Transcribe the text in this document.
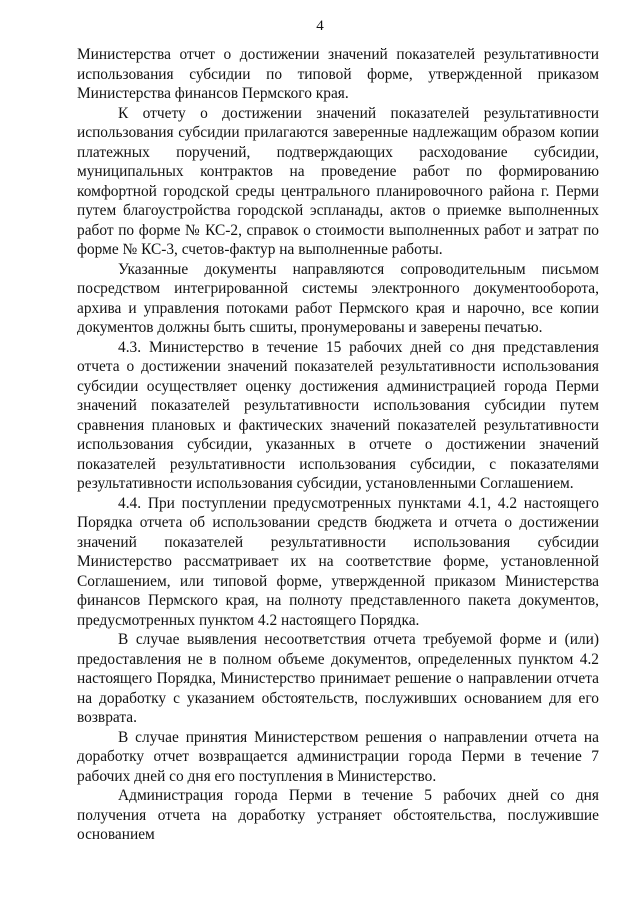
4

Министерства отчет о достижении значений показателей результативности использования субсидии по типовой форме, утвержденной приказом Министерства финансов Пермского края.

К отчету о достижении значений показателей результативности использования субсидии прилагаются заверенные надлежащим образом копии платежных поручений, подтверждающих расходование субсидии, муниципальных контрактов на проведение работ по формированию комфортной городской среды центрального планировочного района г. Перми путем благоустройства городской эспланады, актов о приемке выполненных работ по форме № КС-2, справок о стоимости выполненных работ и затрат по форме № КС-3, счетов-фактур на выполненные работы.

Указанные документы направляются сопроводительным письмом посредством интегрированной системы электронного документооборота, архива и управления потоками работ Пермского края и нарочно, все копии документов должны быть сшиты, пронумерованы и заверены печатью.

4.3. Министерство в течение 15 рабочих дней со дня представления отчета о достижении значений показателей результативности использования субсидии осуществляет оценку достижения администрацией города Перми значений показателей результативности использования субсидии путем сравнения плановых и фактических значений показателей результативности использования субсидии, указанных в отчете о достижении значений показателей результативности использования субсидии, с показателями результативности использования субсидии, установленными Соглашением.

4.4. При поступлении предусмотренных пунктами 4.1, 4.2 настоящего Порядка отчета об использовании средств бюджета и отчета о достижении значений показателей результативности использования субсидии Министерство рассматривает их на соответствие форме, установленной Соглашением, или типовой форме, утвержденной приказом Министерства финансов Пермского края, на полноту представленного пакета документов, предусмотренных пунктом 4.2 настоящего Порядка.

В случае выявления несоответствия отчета требуемой форме и (или) предоставления не в полном объеме документов, определенных пунктом 4.2 настоящего Порядка, Министерство принимает решение о направлении отчета на доработку с указанием обстоятельств, послуживших основанием для его возврата.

В случае принятия Министерством решения о направлении отчета на доработку отчет возвращается администрации города Перми в течение 7 рабочих дней со дня его поступления в Министерство.

Администрация города Перми в течение 5 рабочих дней со дня получения отчета на доработку устраняет обстоятельства, послужившие основанием
